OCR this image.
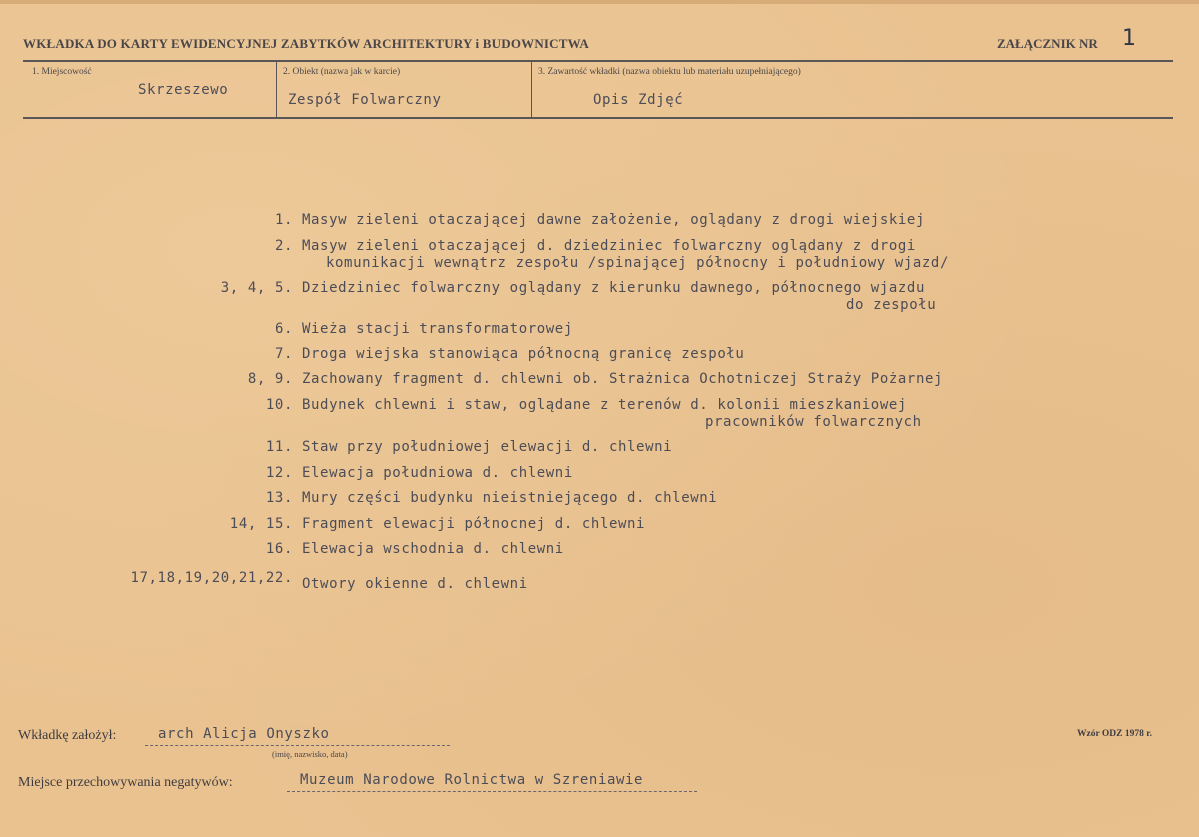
WKŁADKA DO KARTY EWIDENCYJNEJ ZABYTKÓW ARCHITEKTURY i BUDOWNICTWA	ZAŁĄCZNIK NR 1
1. Miejscowość
Skrzeszewo
2. Obiekt (nazwa jak w karcie)
Zespół Folwarczny
3. Zawartość wkładki (nazwa obiektu lub materiału uzupełniającego)
Opis Zdjęć
1. Masyw zieleni otaczającej dawne założenie, oglądany z drogi wiejskiej
2. Masyw zieleni otaczającej d. dziedziniec folwarczny oglądany z drogi
komunikacji wewnątrz zespołu /spinającej północny i południowy wjazd/
3, 4, 5. Dziedziniec folwarczny oglądany z kierunku dawnego, północnego wjazdu
do zespołu
6. Wieża stacji transformatorowej
7. Droga wiejska stanowiąca północną granicę zespołu
8, 9. Zachowany fragment d. chlewni ob. Strażnica Ochotniczej Straży Pożarnej
10. Budynek chlewni i staw, oglądane z terenów d. kolonii mieszkaniowej
pracowników folwarcznych
11. Staw przy południowej elewacji d. chlewni
12. Elewacja południowa d. chlewni
13. Mury części budynku nieistniejącego d. chlewni
14, 15. Fragment elewacji północnej d. chlewni
16. Elewacja wschodnia d. chlewni
17,18,19,20,21,22. Otwory okienne d. chlewni
Wkładkę założył:	arch Alicja Onyszko
(imię, nazwisko, data)
Wzór ODZ 1978 r.
Miejsce przechowywania negatywów:	Muzeum Narodowe Rolnictwa w Szreniawie
